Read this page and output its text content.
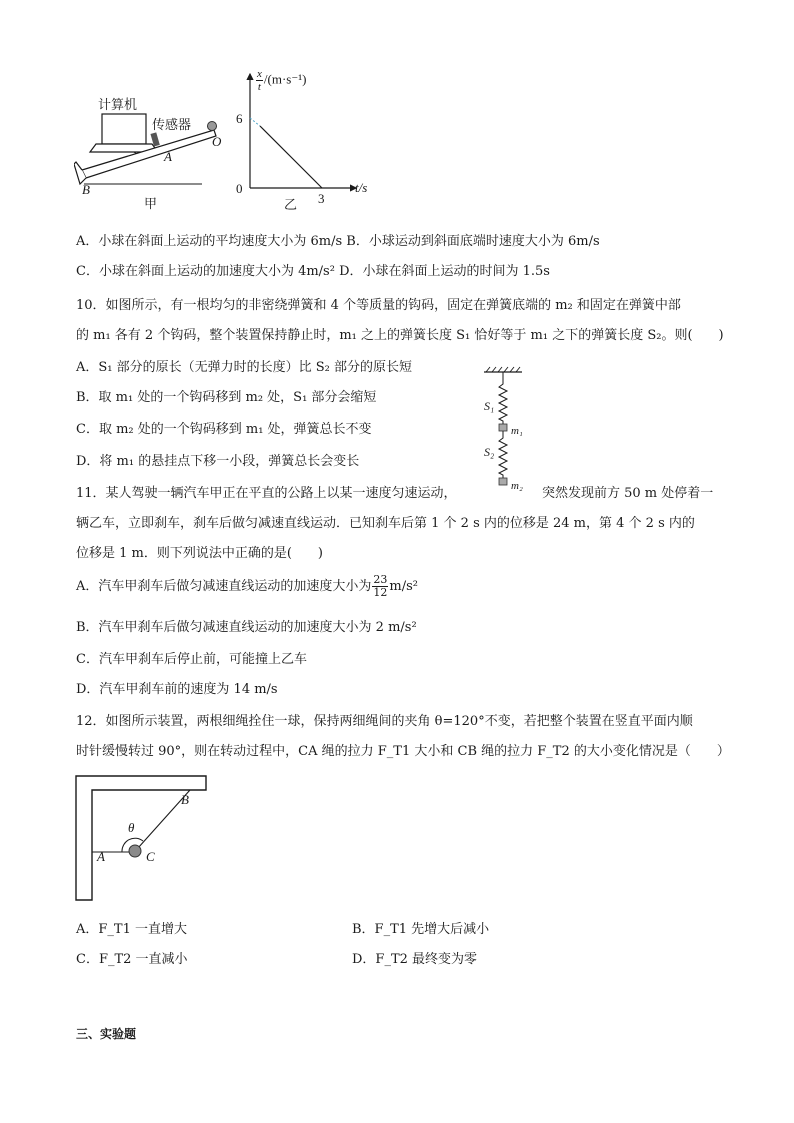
计算机
传感器
O
A
B
甲
$\frac{x}{t} /(m\cdot s^{-1})$
6
0
3
t/s
乙
A．小球在斜面上运动的平均速度大小为 6m/s B．小球运动到斜面底端时速度大小为 6m/s
C．小球在斜面上运动的加速度大小为 4m/s² D．小球在斜面上运动的时间为 1.5s
10．如图所示，有一根均匀的非密绕弹簧和 4 个等质量的钩码，固定在弹簧底端的 m₂ 和固定在弹簧中部
的 m₁ 各有 2 个钩码，整个装置保持静止时，m₁ 之上的弹簧长度 S₁ 恰好等于 m₁ 之下的弹簧长度 S₂。则(　　)
A．S₁ 部分的原长（无弹力时的长度）比 S₂ 部分的原长短
B．取 m₁ 处的一个钩码移到 m₂ 处，S₁ 部分会缩短
C．取 m₂ 处的一个钩码移到 m₁ 处，弹簧总长不变
D．将 m₁ 的悬挂点下移一小段，弹簧总长会变长
S₁
m₁
S₂
m₂
11．某人驾驶一辆汽车甲正在平直的公路上以某一速度匀速运动，	突然发现前方 50 m 处停着一
辆乙车，立即刹车，刹车后做匀减速直线运动．已知刹车后第 1 个 2 s 内的位移是 24 m，第 4 个 2 s 内的
位移是 1 m．则下列说法中正确的是(　　)
A．汽车甲刹车后做匀减速直线运动的加速度大小为 $\frac{23}{12} m/s^2$
B．汽车甲刹车后做匀减速直线运动的加速度大小为 2 m/s²
C．汽车甲刹车后停止前，可能撞上乙车
D．汽车甲刹车前的速度为 14 m/s
12．如图所示装置，两根细绳拴住一球，保持两细绳间的夹角 θ=120°不变，若把整个装置在竖直平面内顺
时针缓慢转过 90°，则在转动过程中，CA 绳的拉力 F_T1 大小和 CB 绳的拉力 F_T2 的大小变化情况是（　　）
B
θ
A	C
A．F_T1 一直增大	B．F_T1 先增大后减小
C．F_T2 一直减小	D．F_T2 最终变为零
三、实验题
